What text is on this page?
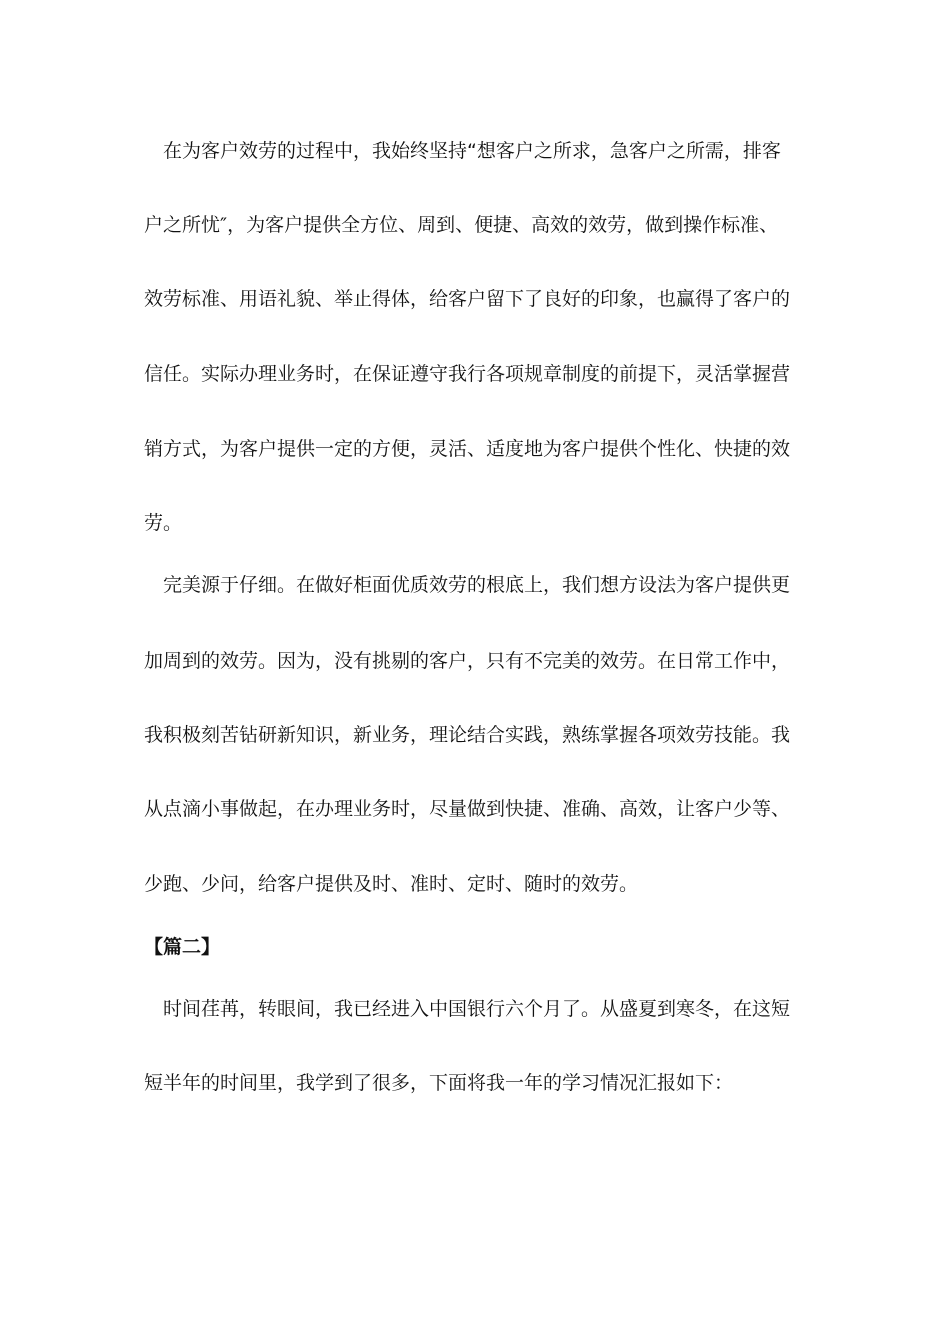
在为客户效劳的过程中，我始终坚持“想客户之所求，急客户之所需，排客
户之所忧″，为客户提供全方位、周到、便捷、高效的效劳，做到操作标准、
效劳标准、用语礼貌、举止得体，给客户留下了良好的印象，也赢得了客户的
信任。实际办理业务时，在保证遵守我行各项规章制度的前提下，灵活掌握营
销方式，为客户提供一定的方便，灵活、适度地为客户提供个性化、快捷的效
劳。
完美源于仔细。在做好柜面优质效劳的根底上，我们想方设法为客户提供更
加周到的效劳。因为，没有挑剔的客户，只有不完美的效劳。在日常工作中，
我积极刻苦钻研新知识，新业务，理论结合实践，熟练掌握各项效劳技能。我
从点滴小事做起，在办理业务时，尽量做到快捷、准确、高效，让客户少等、
少跑、少问，给客户提供及时、准时、定时、随时的效劳。
【篇二】
时间荏苒，转眼间，我已经进入中国银行六个月了。从盛夏到寒冬，在这短
短半年的时间里，我学到了很多，下面将我一年的学习情况汇报如下：
